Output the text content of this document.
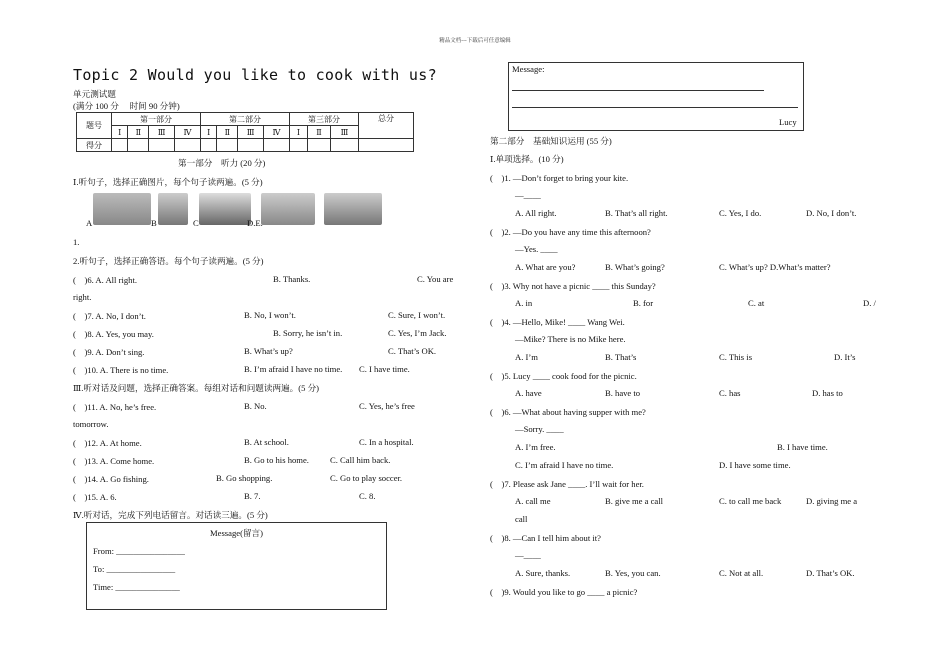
精品文档---下载后可任意编辑
Topic 2 Would you like to cook with us?
单元测试题
(满分 100 分　 时间 90 分钟)
题号	第一部分				第二部分				第三部分			总分
	Ⅰ	Ⅱ	Ⅲ	Ⅳ	Ⅰ	Ⅱ	Ⅲ	Ⅳ	Ⅰ	Ⅱ	Ⅲ	
得分												
第一部分　听力 (20 分)
Ⅰ.听句子，选择正确图片，每个句子读两遍。(5 分)
A	B	C	D.E.
1.
2.听句子，选择正确答语。每个句子读两遍。(5 分)
(　)6. A. All right.	B. Thanks.	C. You are
right.
(　)7. A. No, I don’t.	B. No, I won’t.	C. Sure, I won’t.
(　)8. A. Yes, you may.	B. Sorry, he isn’t in.	C. Yes, I’m Jack.
(　)9. A. Don’t sing.	B. What’s up?	C. That’s OK.
(　)10. A. There is no time.	B. I’m afraid I have no time. C. I have time.
Ⅲ.听对话及问题，选择正确答案。每组对话和问题读两遍。(5 分)
(　)11. A. No, he’s free.	B. No.	C. Yes, he’s free
tomorrow.
(　)12. A. At home.	B. At school.	C. In a hospital.
(　)13. A. Come home.	B. Go to his home. C. Call him back.
(　)14. A. Go fishing.	B. Go shopping.	C. Go to play soccer.
(　)15. A. 6.	B. 7.	C. 8.
Ⅳ.听对话，完成下列电话留言。对话读三遍。(5 分)
Message(留言)
From: ________________
To: ________________
Time: _______________
Message:
Lucy
第二部分　基础知识运用 (55 分)
Ⅰ.单项选择。(10 分)
(　)1. —Don’t forget to bring your kite.
—____
A. All right.	B. That’s all right.	C. Yes, I do.	D. No, I don’t.
(　)2. —Do you have any time this afternoon?
—Yes. ____
A. What are you?	B. What’s going?	C. What’s up? D.What’s matter?
(　)3. Why not have a picnic ____ this Sunday?
A. in	B. for	C. at	D. /
(　)4. —Hello, Mike! ____ Wang Wei.
—Mike? There is no Mike here.
A. I’m	B. That’s	C. This is	D. It’s
(　)5. Lucy ____ cook food for the picnic.
A. have	B. have to	C. has	D. has to
(　)6. —What about having supper with me?
—Sorry. ____
A. I’m free.	B. I have time.
C. I’m afraid I have no time.	D. I have some time.
(　)7. Please ask Jane ____. I’ll wait for her.
A. call me	B. give me a call	C. to call me back	D. giving me a
call
(　)8. —Can I tell him about it?
—____
A. Sure, thanks.	B. Yes, you can.	C. Not at all.	D. That’s OK.
(　)9. Would you like to go ____ a picnic?
